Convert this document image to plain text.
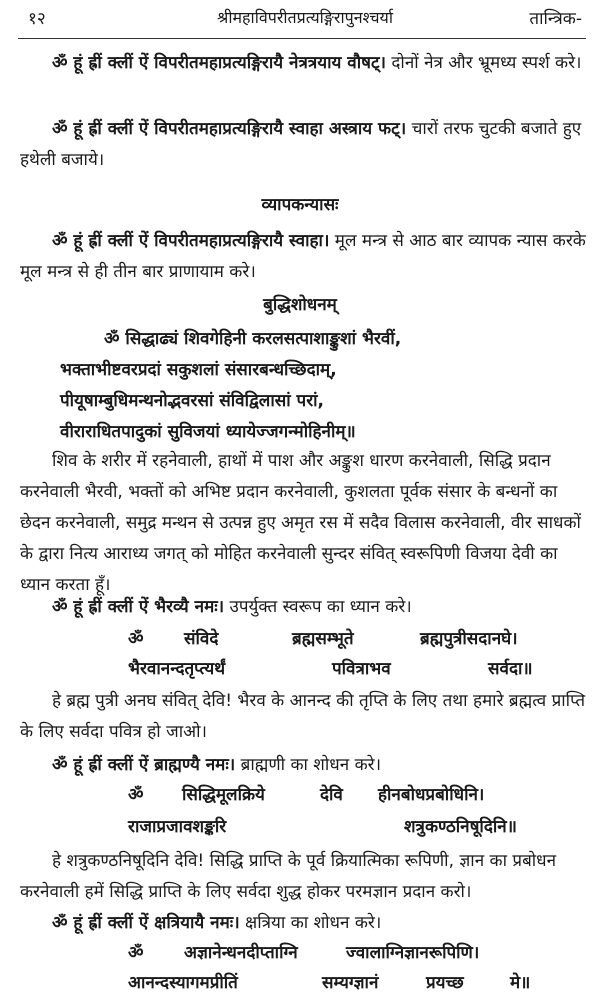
१२	श्रीमहाविपरीतप्रत्यङ्गिरापुनश्चर्या	तान्त्रिक-

ॐ हूं ह्रीं क्लीं ऐं विपरीतमहाप्रत्यङ्गिरायै नेत्रत्रयाय वौषट्। दोनों नेत्र और भ्रूमध्य स्पर्श करे।

ॐ हूं ह्रीं क्लीं ऐं विपरीतमहाप्रत्यङ्गिरायै स्वाहा अस्त्राय फट्। चारों तरफ चुटकी बजाते हुए हथेली बजाये।

व्यापकन्यासः

ॐ हूं ह्रीं क्लीं ऐं विपरीतमहाप्रत्यङ्गिरायै स्वाहा। मूल मन्त्र से आठ बार व्यापक न्यास करके मूल मन्त्र से ही तीन बार प्राणायाम करे।

बुद्धिशोधनम्
ॐ सिद्धाढ्यं शिवगेहिनी करलसत्पाशाङ्कुशां भैरवीं,
भक्ताभीष्टवरप्रदां सकुशलां संसारबन्धच्छिदाम्,
पीयूषाम्बुधिमन्थनोद्भवरसां संविद्विलासां परां,
वीराराधितपादुकां सुविजयां ध्यायेज्जगन्मोहिनीम्॥

शिव के शरीर में रहनेवाली, हाथों में पाश और अङ्कुश धारण करनेवाली, सिद्धि प्रदान करनेवाली भैरवी, भक्तों को अभिष्ट प्रदान करनेवाली, कुशलता पूर्वक संसार के बन्धनों का छेदन करनेवाली, समुद्र मन्थन से उत्पन्न हुए अमृत रस में सदैव विलास करनेवाली, वीर साधकों के द्वारा नित्य आराध्य जगत् को मोहित करनेवाली सुन्दर संवित् स्वरूपिणी विजया देवी का ध्यान करता हूँ।

ॐ हूं ह्रीं क्लीं ऐं भैरव्यै नमः। उपर्युक्त स्वरूप का ध्यान करे।

ॐ संविदे	ब्रह्मसम्भूते	ब्रह्मपुत्रीसदानघे।
भैरवानन्दतृप्त्यर्थं	पवित्राभव	सर्वदा॥

हे ब्रह्म पुत्री अनघ संवित् देवि! भैरव के आनन्द की तृप्ति के लिए तथा हमारे ब्रह्मत्व प्राप्ति के लिए सर्वदा पवित्र हो जाओ।

ॐ हूं ह्रीं क्लीं ऐं ब्राह्मण्यै नमः। ब्राह्मणी का शोधन करे।

ॐ सिद्धिमूलक्रिये	देवि हीनबोधप्रबोधिनि।
राजाप्रजावशङ्करि	शत्रुकण्ठनिषूदिनि॥

हे शत्रुकण्ठनिषूदिनि देवि! सिद्धि प्राप्ति के पूर्व क्रियात्मिका रूपिणी, ज्ञान का प्रबोधन करनेवाली हमें सिद्धि प्राप्ति के लिए सर्वदा शुद्ध होकर परमज्ञान प्रदान करो।

ॐ हूं ह्रीं क्लीं ऐं क्षत्रियायै नमः। क्षत्रिया का शोधन करे।

ॐ अज्ञानेन्धनदीप्ताग्नि	ज्वालाग्निज्ञानरूपिणि।
आनन्दस्यागमप्रीतिं	सम्यग्ज्ञानं	प्रयच्छ	मे॥
